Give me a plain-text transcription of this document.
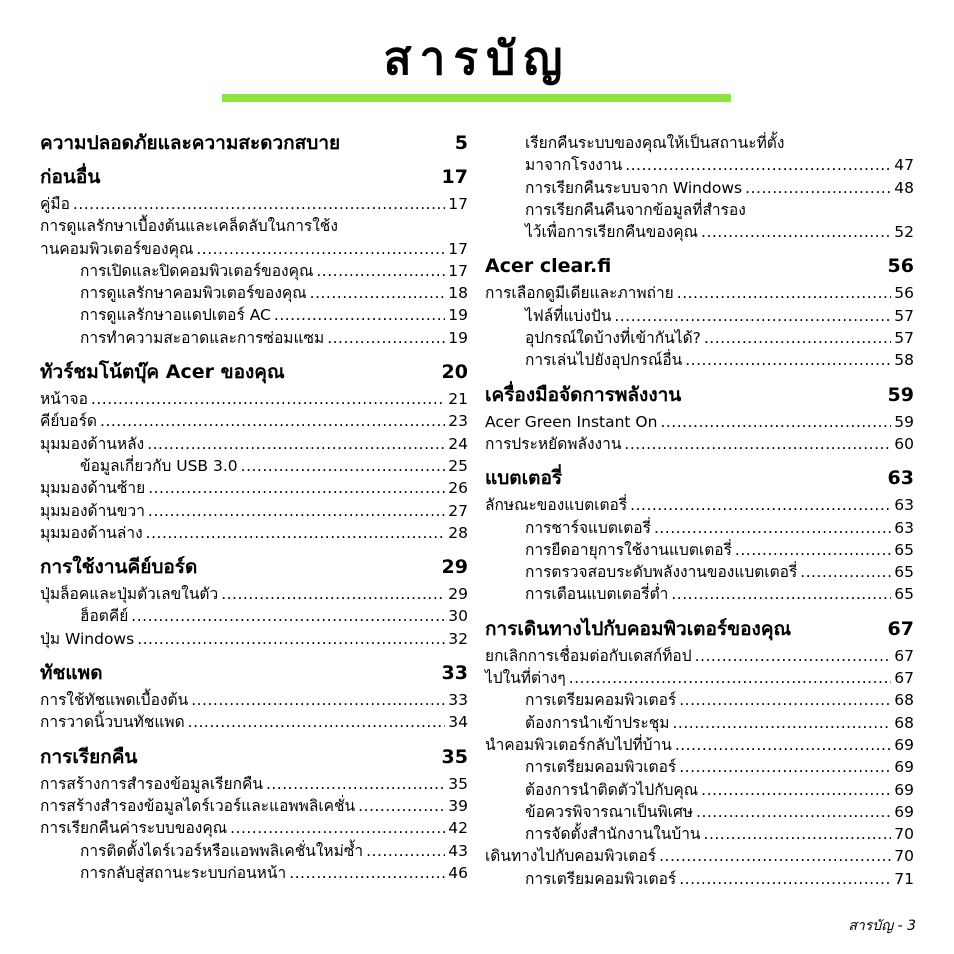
สารบัญ
ความปลอดภัยและความสะดวกสบาย	5
ก่อนอื่น	17
คู่มือ .....	17
การดูแลรักษาเบื้องต้นและเคล็ดลับในการใช้ง
านคอมพิวเตอร์ของคุณ .....	17
การเปิดและปิดคอมพิวเตอร์ของคุณ .....	17
การดูแลรักษาคอมพิวเตอร์ของคุณ .....	18
การดูแลรักษาอแดปเตอร์ AC .....	19
การทำความสะอาดและการซ่อมแซม .....	19
ทัวร์ชมโน้ตบุ๊ค Acer ของคุณ	20
หน้าจอ .....	21
คีย์บอร์ด .....	23
มุมมองด้านหลัง .....	24
ข้อมูลเกี่ยวกับ USB 3.0 .....	25
มุมมองด้านซ้าย .....	26
มุมมองด้านขวา .....	27
มุมมองด้านล่าง .....	28
การใช้งานคีย์บอร์ด	29
ปุ่มล็อคและปุ่มตัวเลขในตัว .....	29
ฮ็อตคีย์ .....	30
ปุ่ม Windows .....	32
ทัชแพด	33
การใช้ทัชแพดเบื้องต้น .....	33
การวาดนิ้วบนทัชแพด .....	34
การเรียกคืน	35
การสร้างการสำรองข้อมูลเรียกคืน .....	35
การสร้างสำรองข้อมูลไดร์เวอร์และแอพพลิเคชั่น .....	39
การเรียกคืนค่าระบบของคุณ .....	42
การติดตั้งไดร์เวอร์หรือแอพพลิเคชั่นใหม่ซ้ำ .....	43
การกลับสู่สถานะระบบก่อนหน้า .....	46
เรียกคืนระบบของคุณให้เป็นสถานะที่ตั้ง
มาจากโรงงาน .....	47
การเรียกคืนระบบจาก Windows .....	48
การเรียกคืนคืนจากข้อมูลที่สำรอง
ไว้เพื่อการเรียกคืนของคุณ .....	52
Acer clear.fi	56
การเลือกดูมีเดียและภาพถ่าย .....	56
ไฟล์ที่แบ่งปัน .....	57
อุปกรณ์ใดบ้างที่เข้ากันได้? .....	57
การเล่นไปยังอุปกรณ์อื่น .....	58
เครื่องมือจัดการพลังงาน	59
Acer Green Instant On .....	59
การประหยัดพลังงาน .....	60
แบตเตอรี่	63
ลักษณะของแบตเตอรี่ .....	63
การชาร์จแบตเตอรี่ .....	63
การยืดอายุการใช้งานแบตเตอรี่ .....	65
การตรวจสอบระดับพลังงานของแบตเตอรี่ .....	65
การเตือนแบตเตอรี่ต่ำ .....	65
การเดินทางไปกับคอมพิวเตอร์ของคุณ	67
ยกเลิกการเชื่อมต่อกับเดสก์ท็อป .....	67
ไปในที่ต่างๆ .....	67
การเตรียมคอมพิวเตอร์ .....	68
ต้องการนำเข้าประชุม .....	68
นำคอมพิวเตอร์กลับไปที่บ้าน .....	69
การเตรียมคอมพิวเตอร์ .....	69
ต้องการนำติดตัวไปกับคุณ .....	69
ข้อควรพิจารณาเป็นพิเศษ .....	69
การจัดตั้งสำนักงานในบ้าน .....	70
เดินทางไปกับคอมพิวเตอร์ .....	70
การเตรียมคอมพิวเตอร์ .....	71
สารบัญ - 3
